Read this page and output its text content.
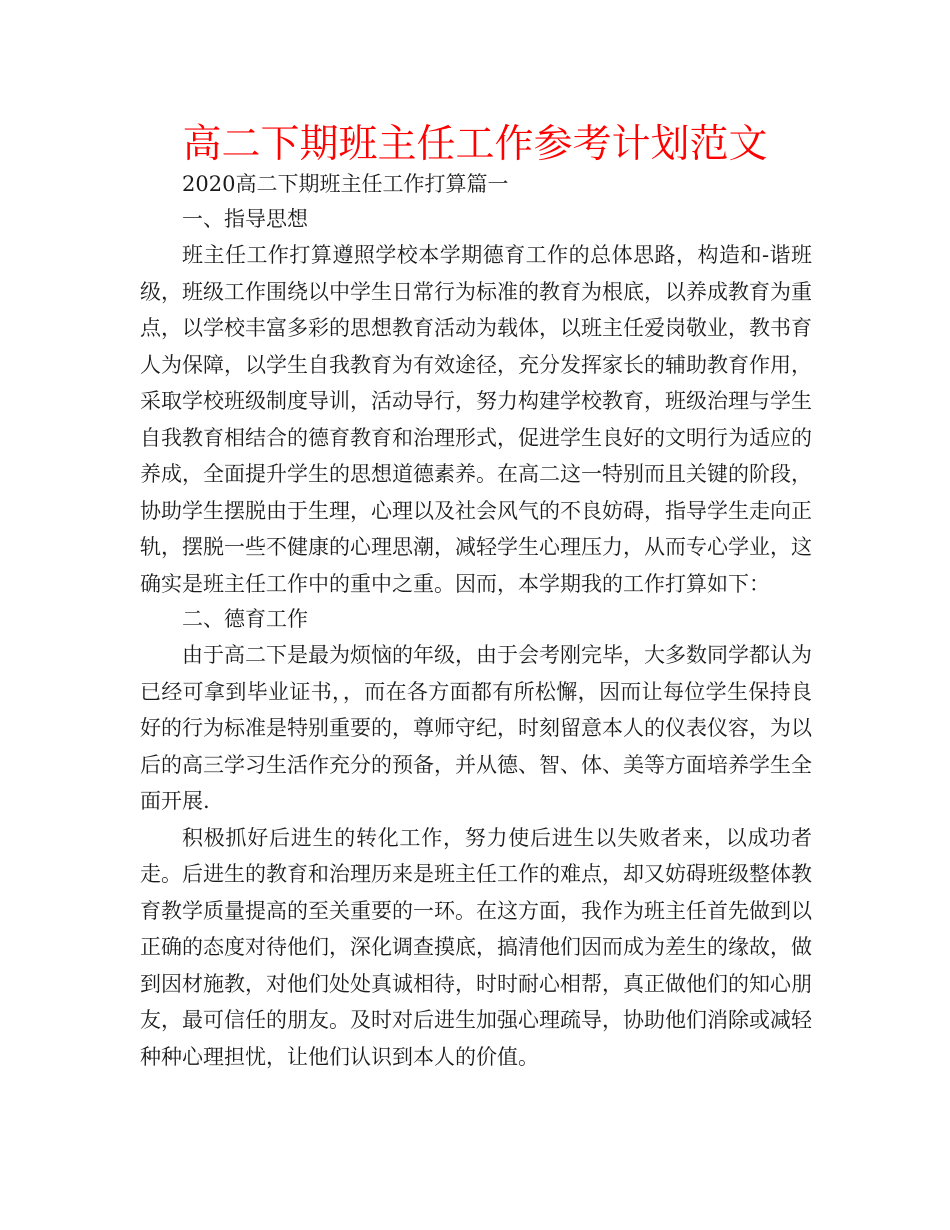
高二下期班主任工作参考计划范文

2020高二下期班主任工作打算篇一

一、指导思想

班主任工作打算遵照学校本学期德育工作的总体思路，构造和-谐班级，班级工作围绕以中学生日常行为标准的教育为根底，以养成教育为重点，以学校丰富多彩的思想教育活动为载体，以班主任爱岗敬业，教书育人为保障，以学生自我教育为有效途径，充分发挥家长的辅助教育作用，采取学校班级制度导训，活动导行，努力构建学校教育，班级治理与学生自我教育相结合的德育教育和治理形式，促进学生良好的文明行为适应的养成，全面提升学生的思想道德素养。在高二这一特别而且关键的阶段，协助学生摆脱由于生理，心理以及社会风气的不良妨碍，指导学生走向正轨，摆脱一些不健康的心理思潮，减轻学生心理压力，从而专心学业，这确实是班主任工作中的重中之重。因而，本学期我的工作打算如下：

二、德育工作

由于高二下是最为烦恼的年级，由于会考刚完毕，大多数同学都认为已经可拿到毕业证书，，而在各方面都有所松懈，因而让每位学生保持良好的行为标准是特别重要的，尊师守纪，时刻留意本人的仪表仪容，为以后的高三学习生活作充分的预备，并从德、智、体、美等方面培养学生全面开展.

积极抓好后进生的转化工作，努力使后进生以失败者来，以成功者走。后进生的教育和治理历来是班主任工作的难点，却又妨碍班级整体教育教学质量提高的至关重要的一环。在这方面，我作为班主任首先做到以正确的态度对待他们，深化调查摸底，搞清他们因而成为差生的缘故，做到因材施教，对他们处处真诚相待，时时耐心相帮，真正做他们的知心朋友，最可信任的朋友。及时对后进生加强心理疏导，协助他们消除或减轻种种心理担忧，让他们认识到本人的价值。
